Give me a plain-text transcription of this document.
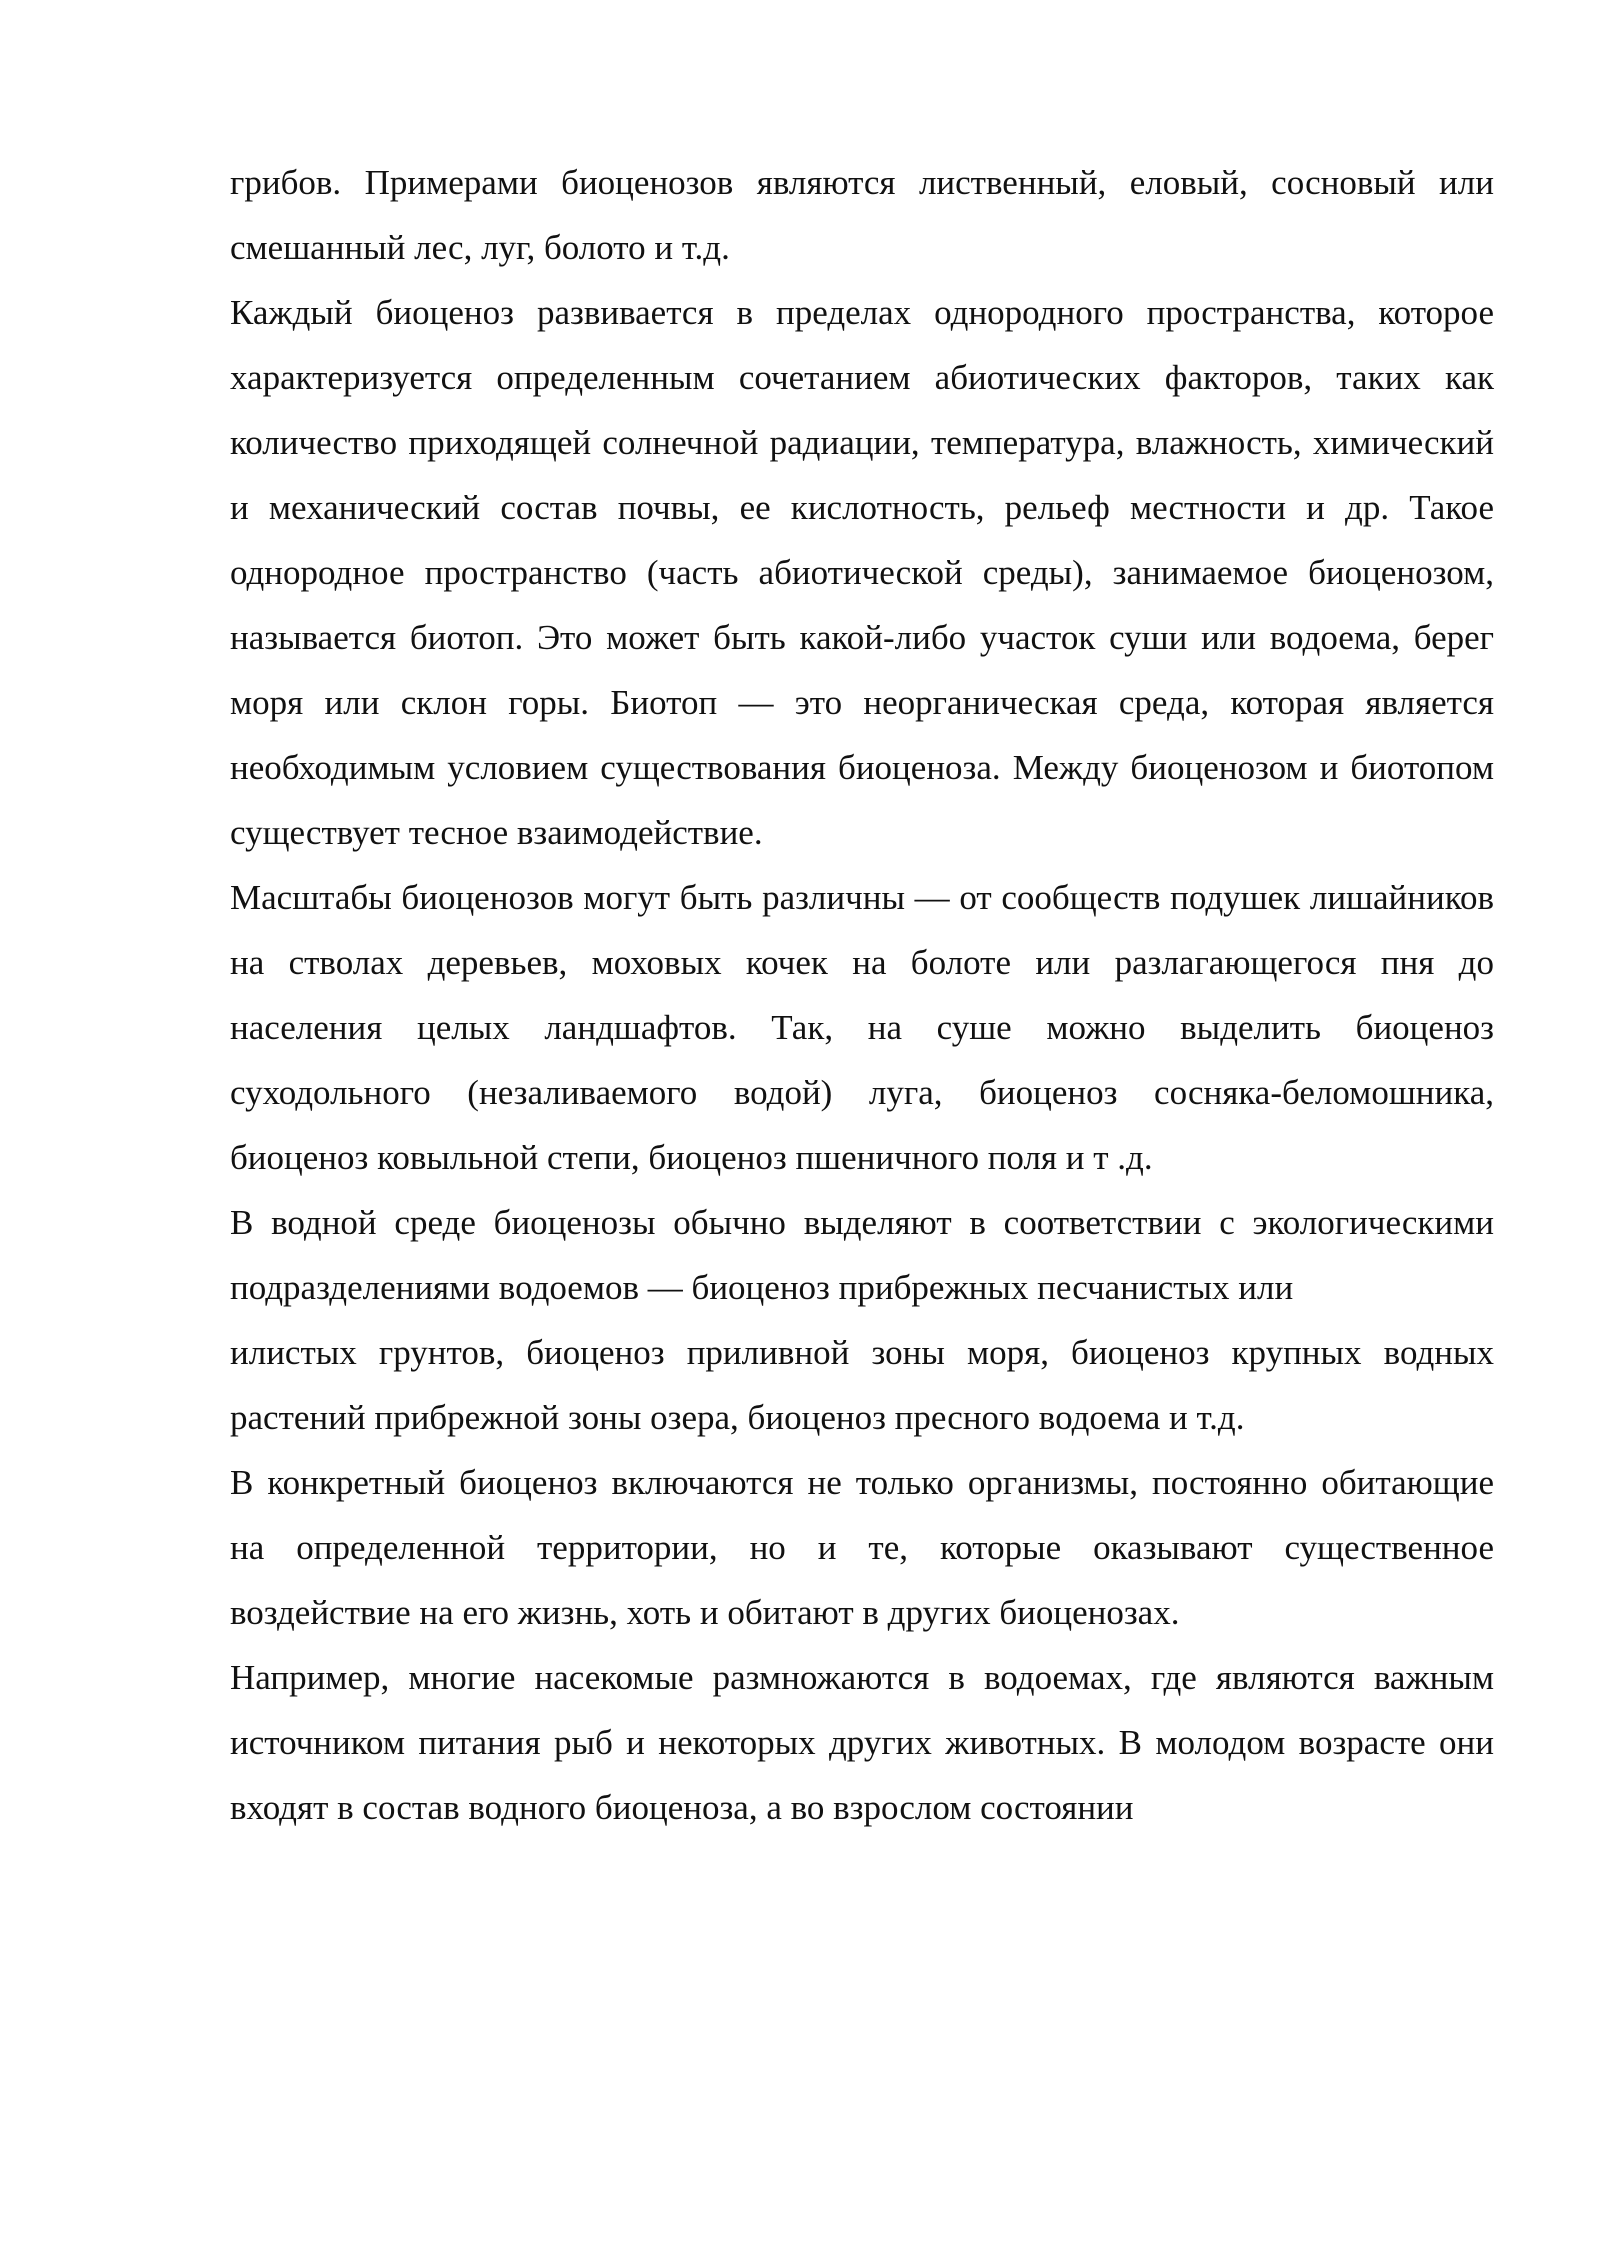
грибов. Примерами биоценозов являются лиственный, еловый, сосновый или смешанный лес, луг, болото и т.д.

Каждый биоценоз развивается в пределах однородного пространства, которое характеризуется определенным сочетанием абиотических факторов, таких как количество приходящей солнечной радиации, температура, влажность, химический и механический состав почвы, ее кислотность, рельеф местности и др. Такое однородное пространство (часть абиотической среды), занимаемое биоценозом, называется биотоп. Это может быть какой-либо участок суши или водоема, берег моря или склон горы. Биотоп — это неорганическая среда, которая является необходимым условием существования биоценоза. Между биоценозом и биотопом существует тесное взаимодействие.

Масштабы биоценозов могут быть различны — от сообществ подушек лишайников на стволах деревьев, моховых кочек на болоте или разлагающегося пня до населения целых ландшафтов. Так, на суше можно выделить биоценоз суходольного (незаливаемого водой) луга, биоценоз сосняка-беломошника, биоценоз ковыльной степи, биоценоз пшеничного поля и т .д.

В водной среде биоценозы обычно выделяют в соответствии с экологическими подразделениями водоемов — биоценоз прибрежных песчанистых или

илистых грунтов, биоценоз приливной зоны моря, биоценоз крупных водных растений прибрежной зоны озера, биоценоз пресного водоема и т.д.

В конкретный биоценоз включаются не только организмы, постоянно обитающие на определенной территории, но и те, которые оказывают существенное воздействие на его жизнь, хоть и обитают в других биоценозах.

Например, многие насекомые размножаются в водоемах, где являются важным источником питания рыб и некоторых других животных. В молодом возрасте они входят в состав водного биоценоза, а во взрослом состоянии
